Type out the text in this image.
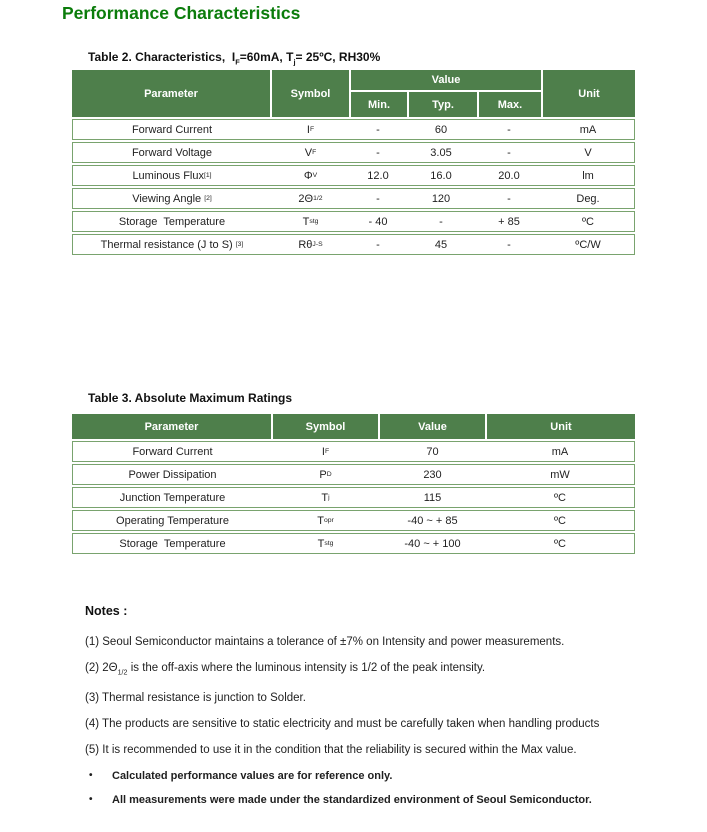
Performance Characteristics
Table 2. Characteristics,  $I_F=60mA$, $T_j=$ 25ºC, RH30%
Parameter	Symbol
Value
Min.	Typ.	Max.
Unit
Forward Current	I F	-	60	-	mA
Forward Voltage	V F	-	3.05	-	V
Luminous Flux [1]	Φ V	12.0	16.0	20.0	lm
Viewing Angle [2]	2Θ 1/2	-	120	-	Deg.
Storage  Temperature	T stg	- 40	-	+ 85	ºC
Thermal resistance (J to S) [3]	Rθ J-S	-	45	-	ºC/W
Table 3. Absolute Maximum Ratings
Parameter	Symbol	Value	Unit
Forward Current	I F	70	mA
Power Dissipation	P D	230	mW
Junction Temperature	T j	115	ºC
Operating Temperature	T opr	-40 ~ + 85	ºC
Storage  Temperature	T stg	-40 ~ + 100	ºC
Notes :
(1) Seoul Semiconductor maintains a tolerance of ±7% on Intensity and power measurements.
(2) $2\Theta_{1/2}$ is the off-axis where the luminous intensity is 1/2 of the peak intensity.
(3) Thermal resistance is junction to Solder.
(4) The products are sensitive to static electricity and must be carefully taken when handling products
(5) It is recommended to use it in the condition that the reliability is secured within the Max value.
•	Calculated performance values are for reference only.
•	All measurements were made under the standardized environment of Seoul Semiconductor.
